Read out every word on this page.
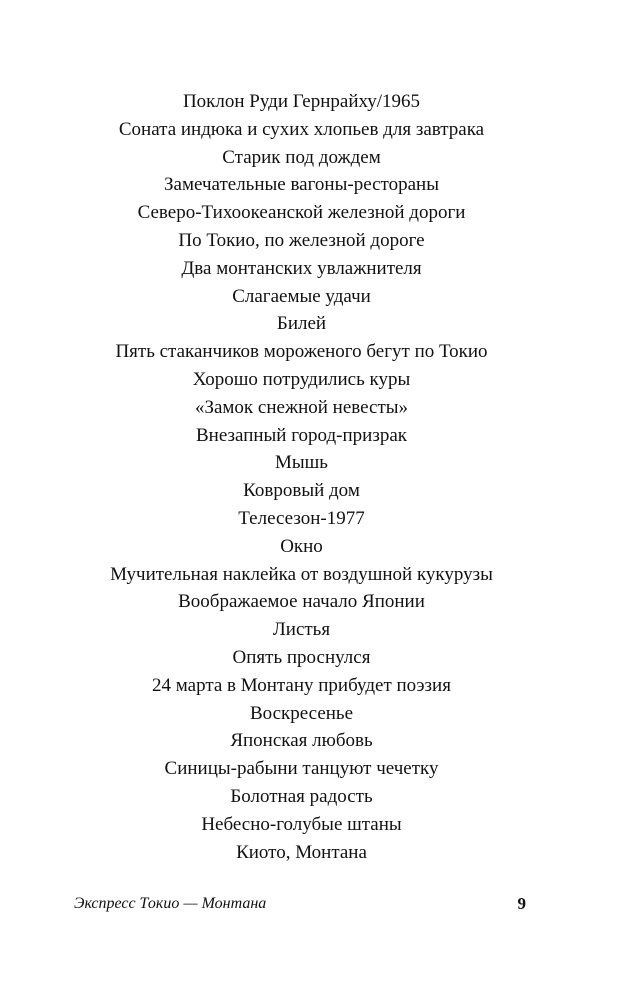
Поклон Руди Гернрайху/1965
Соната индюка и сухих хлопьев для завтрака
Старик под дождем
Замечательные вагоны-рестораны
Северо-Тихоокеанской железной дороги
По Токио, по железной дороге
Два монтанских увлажнителя
Слагаемые удачи
Билей
Пять стаканчиков мороженого бегут по Токио
Хорошо потрудились куры
«Замок снежной невесты»
Внезапный город-призрак
Мышь
Ковровый дом
Телесезон-1977
Окно
Мучительная наклейка от воздушной кукурузы
Воображаемое начало Японии
Листья
Опять проснулся
24 марта в Монтану прибудет поэзия
Воскресенье
Японская любовь
Синицы-рабыни танцуют чечетку
Болотная радость
Небесно-голубые штаны
Киото, Монтана
Экспресс Токио — Монтана	9
